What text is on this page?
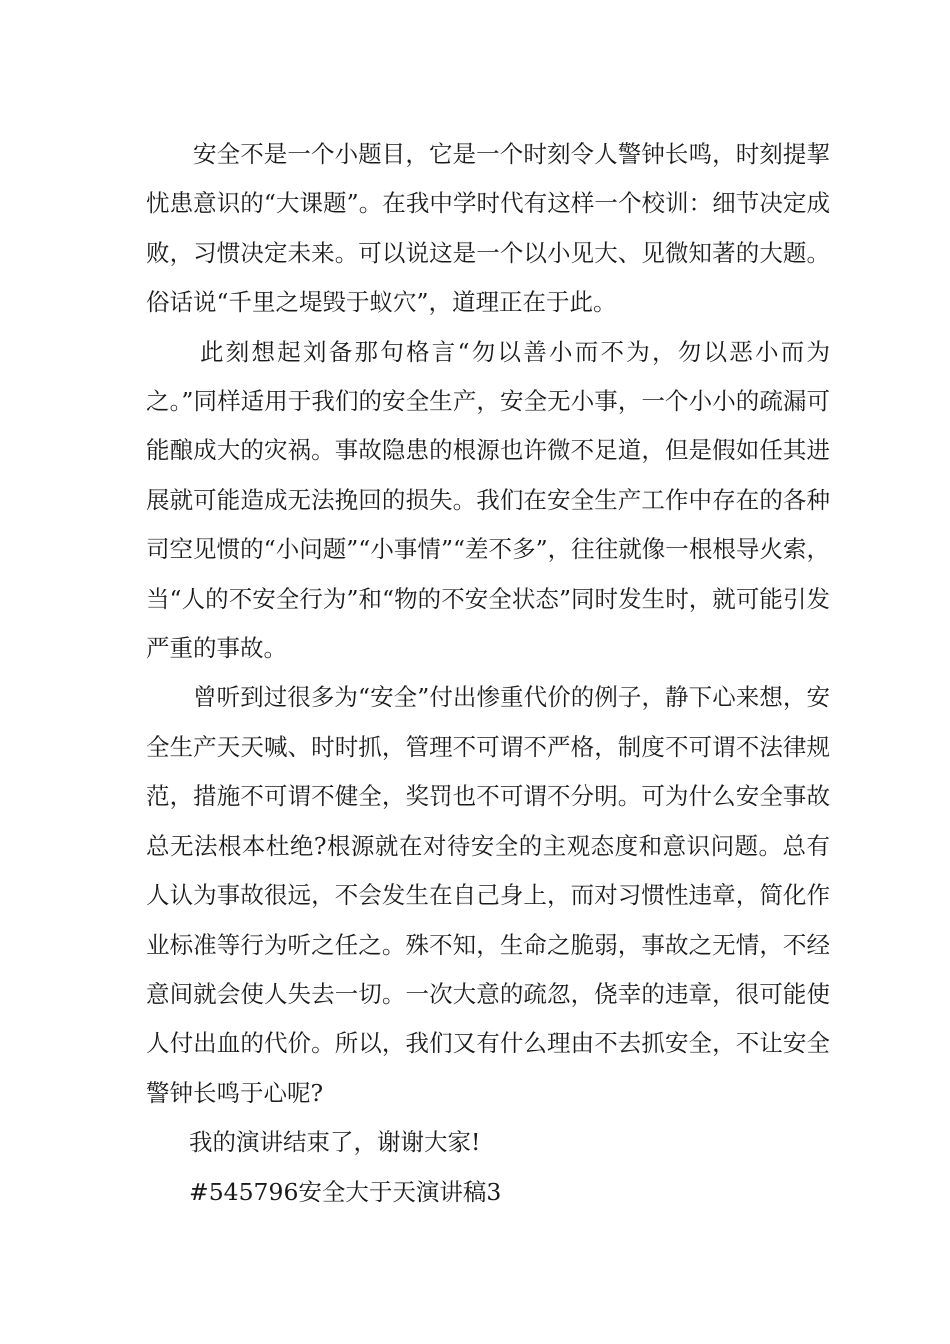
安全不是一个小题目，它是一个时刻令人警钟长鸣，时刻提挈忧患意识的“大课题”。在我中学时代有这样一个校训：细节决定成败，习惯决定未来。可以说这是一个以小见大、见微知著的大题。俗话说“千里之堤毁于蚁穴”，道理正在于此。

此刻想起刘备那句格言“勿以善小而不为，勿以恶小而为之。”同样适用于我们的安全生产，安全无小事，一个小小的疏漏可能酿成大的灾祸。事故隐患的根源也许微不足道，但是假如任其进展就可能造成无法挽回的损失。我们在安全生产工作中存在的各种司空见惯的“小问题”“小事情”“差不多”，往往就像一根根导火索，当“人的不安全行为”和“物的不安全状态”同时发生时，就可能引发严重的事故。

曾听到过很多为“安全”付出惨重代价的例子，静下心来想，安全生产天天喊、时时抓，管理不可谓不严格，制度不可谓不法律规范，措施不可谓不健全，奖罚也不可谓不分明。可为什么安全事故总无法根本杜绝?根源就在对待安全的主观态度和意识问题。总有人认为事故很远，不会发生在自己身上，而对习惯性违章，简化作业标准等行为听之任之。殊不知，生命之脆弱，事故之无情，不经意间就会使人失去一切。一次大意的疏忽，侥幸的违章，很可能使人付出血的代价。所以，我们又有什么理由不去抓安全，不让安全警钟长鸣于心呢?

我的演讲结束了，谢谢大家!

#545796安全大于天演讲稿3
